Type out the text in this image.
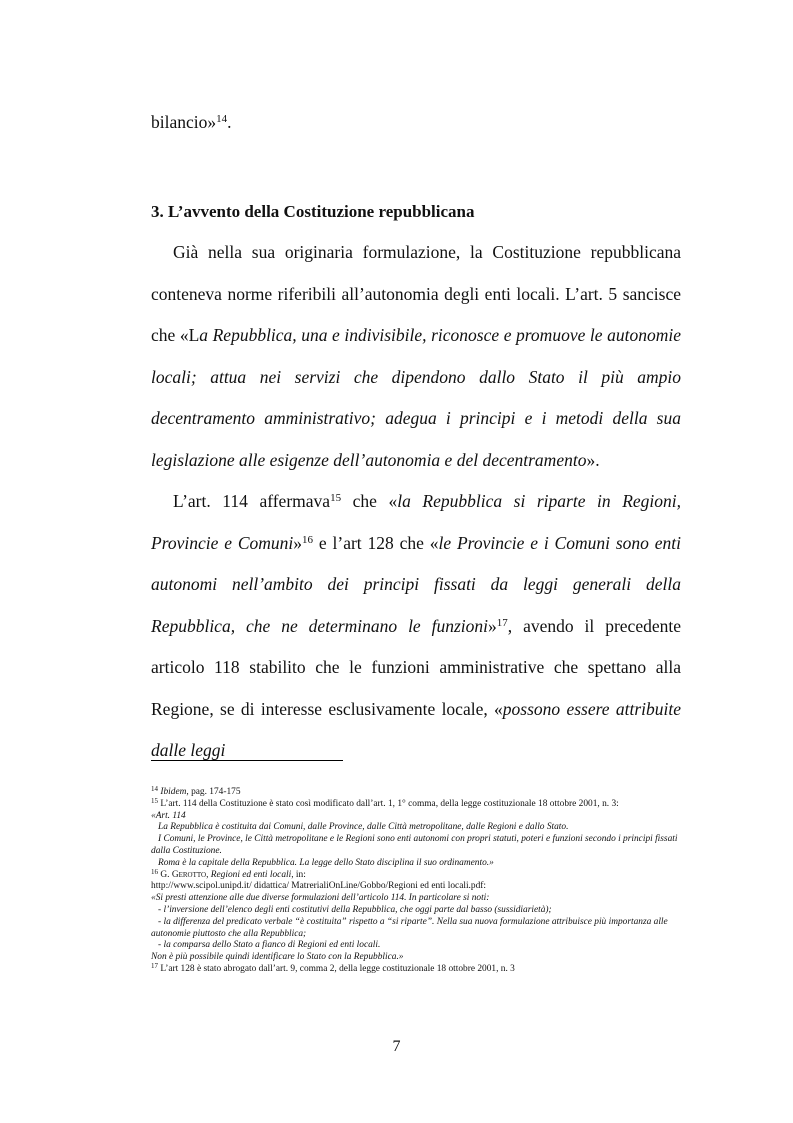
bilancio»$^{14}$.

3. L’avvento della Costituzione repubblicana

Già nella sua originaria formulazione, la Costituzione repubblicana conteneva norme riferibili all’autonomia degli enti locali. L’art. 5 sancisce che «La Repubblica, una e indivisibile, riconosce e promuove le autonomie locali; attua nei servizi che dipendono dallo Stato il più ampio decentramento amministrativo; adegua i principi e i metodi della sua legislazione alle esigenze dell’autonomia e del decentramento».

L’art. 114 affermava$^{15}$ che «la Repubblica si riparte in Regioni, Provincie e Comuni»$^{16}$ e l’art 128 che «le Provincie e i Comuni sono enti autonomi nell’ambito dei principi fissati da leggi generali della Repubblica, che ne determinano le funzioni»$^{17}$, avendo il precedente articolo 118 stabilito che le funzioni amministrative che spettano alla Regione, se di interesse esclusivamente locale, «possono essere attribuite dalle leggi

$^{14}$ Ibidem, pag. 174-175
$^{15}$ L’art. 114 della Costituzione è stato così modificato dall’art. 1, 1° comma, della legge costituzionale 18 ottobre 2001, n. 3:
«Art. 114
La Repubblica è costituita dai Comuni, dalle Province, dalle Città metropolitane, dalle Regioni e dallo Stato.
I Comuni, le Province, le Città metropolitane e le Regioni sono enti autonomi con propri statuti, poteri e funzioni secondo i principi fissati dalla Costituzione.
Roma è la capitale della Repubblica. La legge dello Stato disciplina il suo ordinamento.»
$^{16}$ G. Gerotto, Regioni ed enti locali, in:
http://www.scipol.unipd.it/ didattica/ MatrerialiOnLine/Gobbo/Regioni ed enti locali.pdf:
«Si presti attenzione alle due diverse formulazioni dell’articolo 114. In particolare si noti:
- l’inversione dell’elenco degli enti costitutivi della Repubblica, che oggi parte dal basso (sussidiarietà);
- la differenza del predicato verbale “è costituita” rispetto a “si riparte”. Nella sua nuova formulazione attribuisce più importanza alle autonomie piuttosto che alla Repubblica;
- la comparsa dello Stato a fianco di Regioni ed enti locali.
Non è più possibile quindi identificare lo Stato con la Repubblica.»
$^{17}$ L’art 128 è stato abrogato dall’art. 9, comma 2, della legge costituzionale 18 ottobre 2001, n. 3
7
